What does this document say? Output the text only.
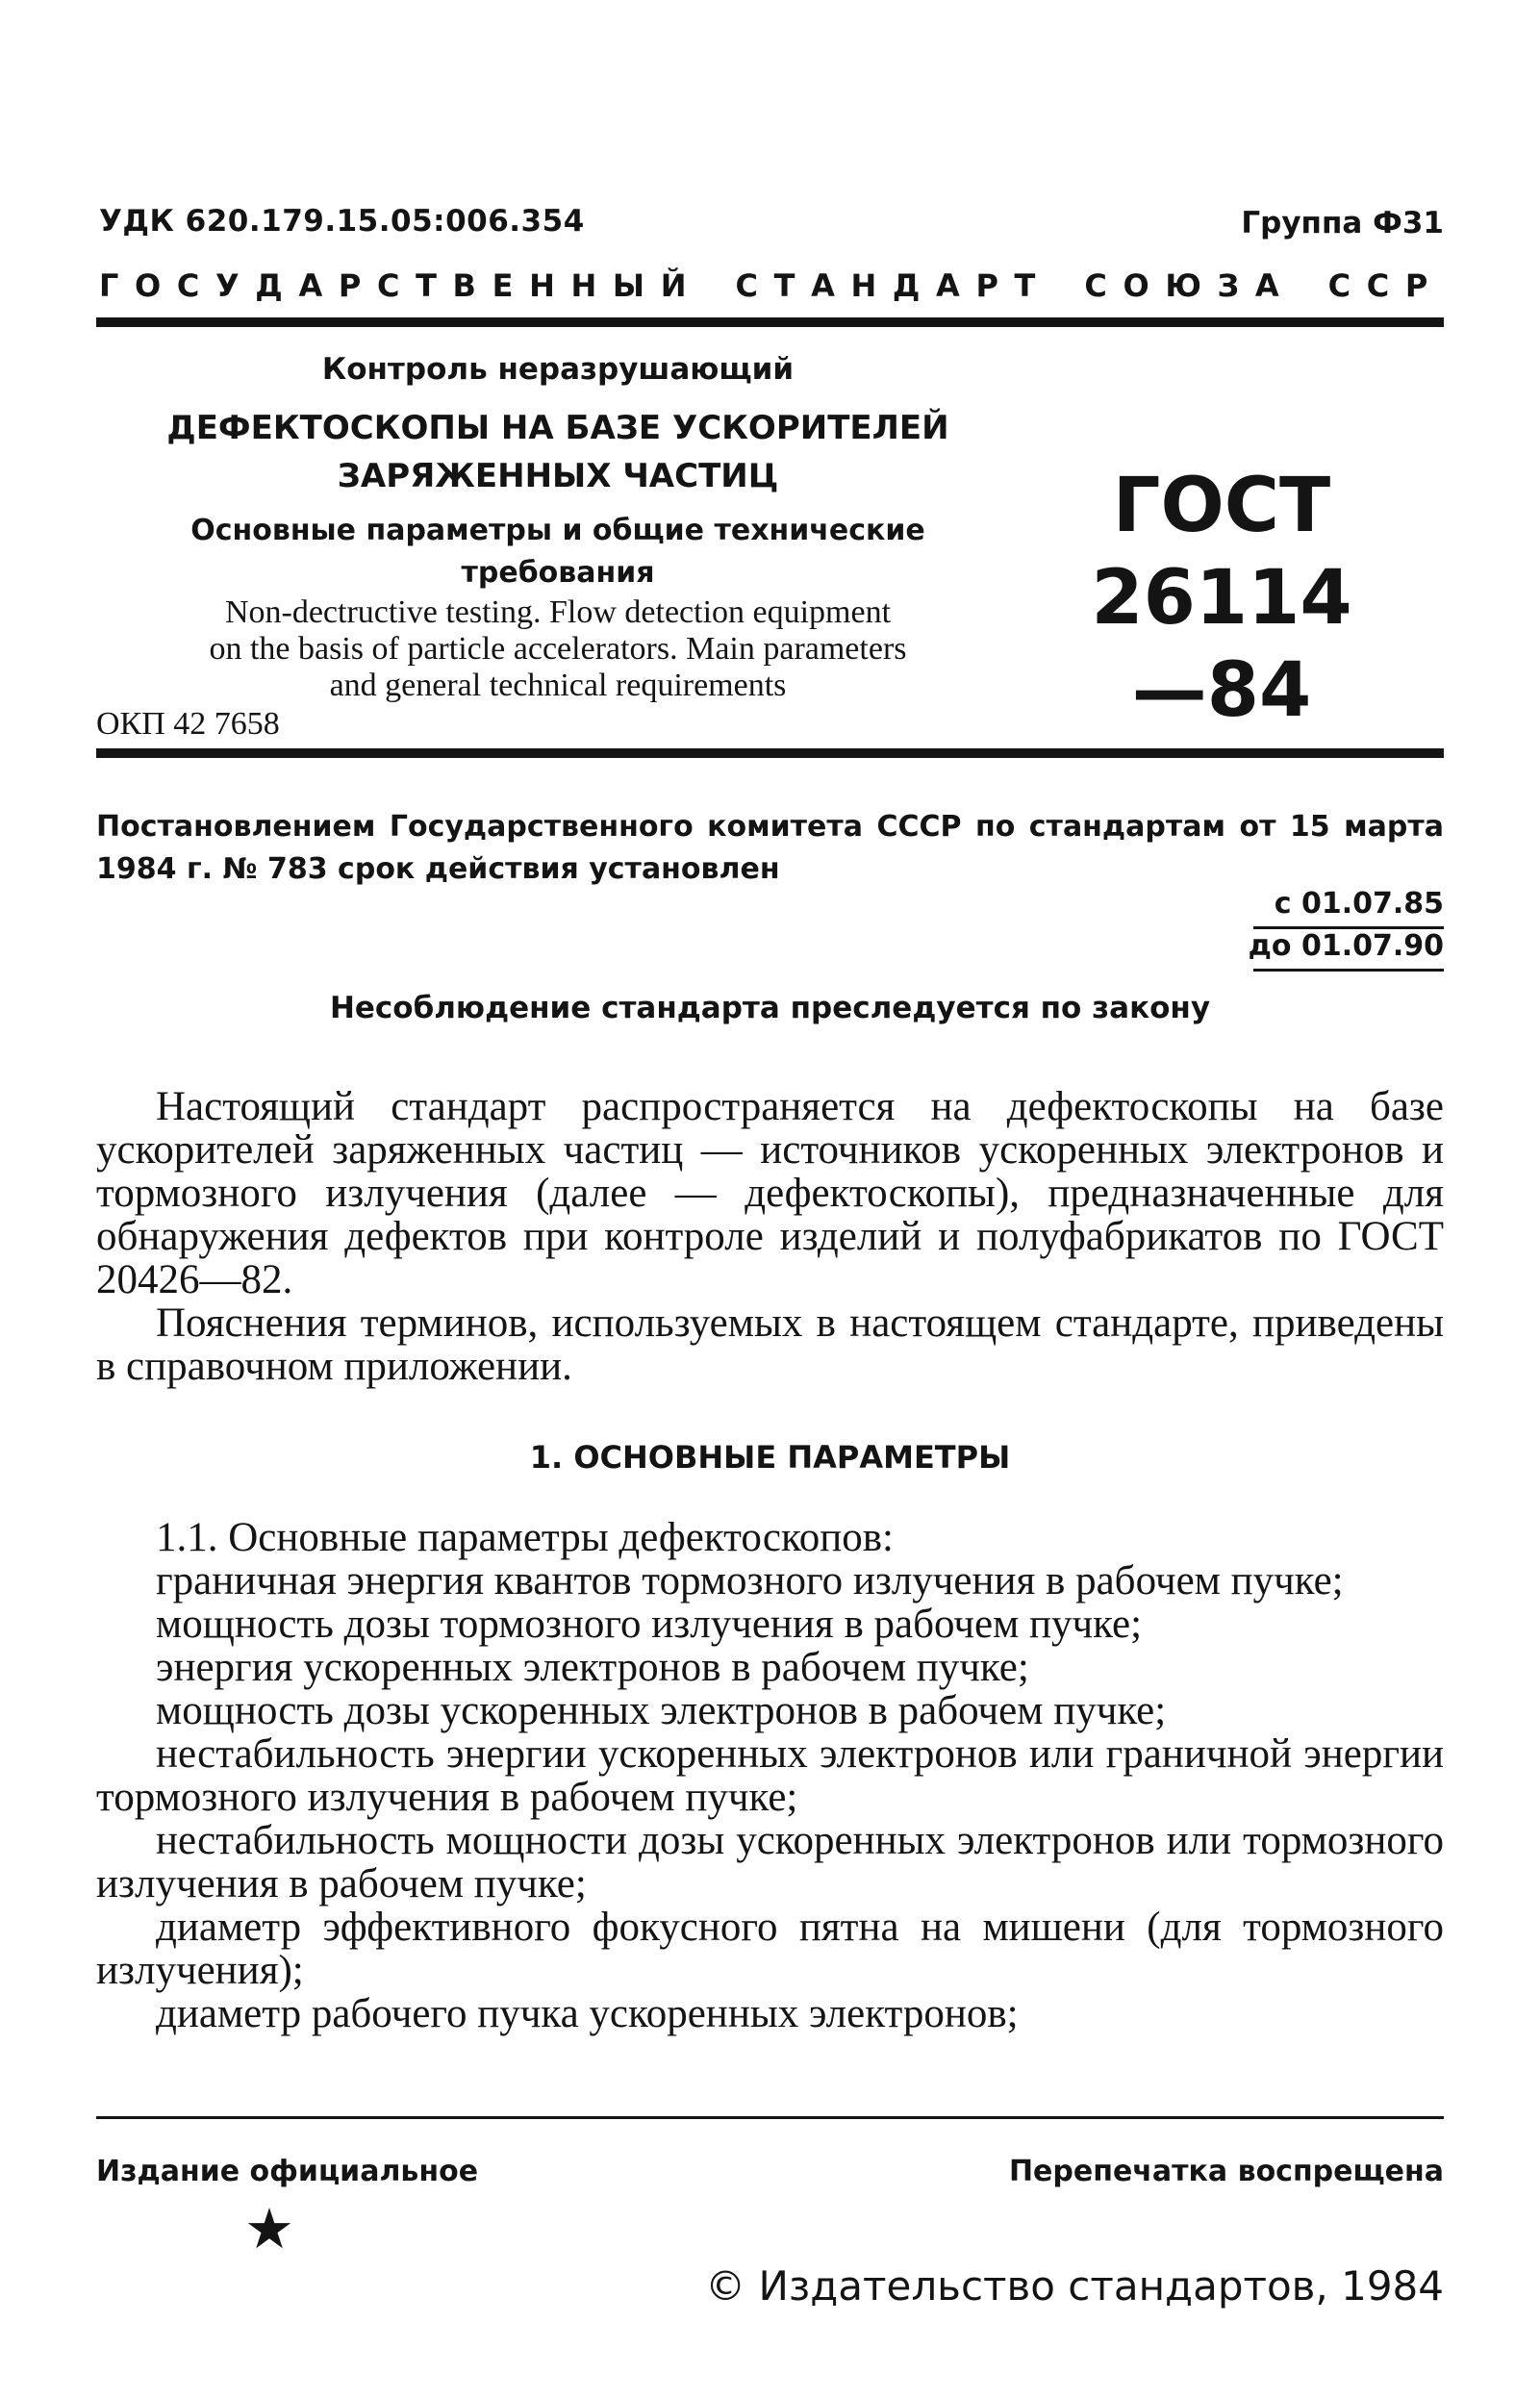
УДК 620.179.15.05:006.354	Группа Ф31
ГОСУДАРСТВЕННЫЙ СТАНДАРТ СОЮЗА ССР
Контроль неразрушающий
ДЕФЕКТОСКОПЫ НА БАЗЕ УСКОРИТЕЛЕЙ
ЗАРЯЖЕННЫХ ЧАСТИЦ
Основные параметры и общие технические
требования
Non-dectructive testing. Flow detection equipment
on the basis of particle accelerators. Main parameters
and general technical requirements
ОКП 42 7658
ГОСТ
26114—84
Постановлением Государственного комитета СССР по стандартам от 15 марта 1984 г. № 783 срок действия установлен
с 01.07.85
до 01.07.90
Несоблюдение стандарта преследуется по закону
Настоящий стандарт распространяется на дефектоскопы на базе ускорителей заряженных частиц — источников ускоренных электронов и тормозного излучения (далее — дефектоскопы), предназначенные для обнаружения дефектов при контроле изделий и полуфабрикатов по ГОСТ 20426—82.
Пояснения терминов, используемых в настоящем стандарте, приведены в справочном приложении.
1. ОСНОВНЫЕ ПАРАМЕТРЫ

1.1. Основные параметры дефектоскопов:

граничная энергия квантов тормозного излучения в рабочем пучке;

мощность дозы тормозного излучения в рабочем пучке;

энергия ускоренных электронов в рабочем пучке;

мощность дозы ускоренных электронов в рабочем пучке;

нестабильность энергии ускоренных электронов или граничной энергии тормозного излучения в рабочем пучке;

нестабильность мощности дозы ускоренных электронов или тормозного излучения в рабочем пучке;

диаметр эффективного фокусного пятна на мишени (для тормозного излучения);

диаметр рабочего пучка ускоренных электронов;

Издание официальное	Перепечатка воспрещена
★
© Издательство стандартов, 1984
